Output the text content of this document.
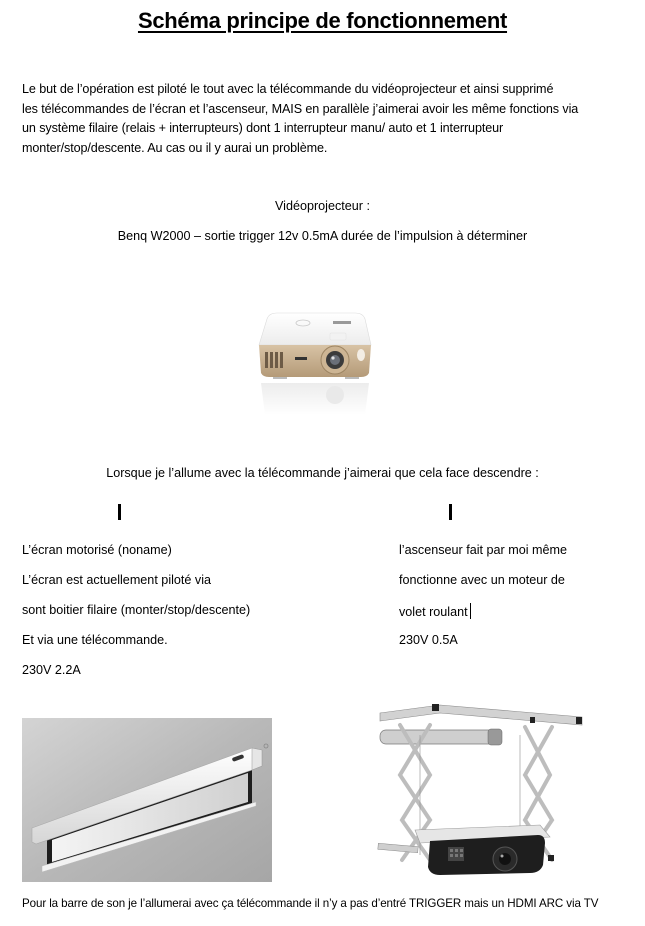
Schéma principe de fonctionnement
Le but de l’opération est piloté le tout avec la télécommande du vidéoprojecteur et ainsi supprimé
les télécommandes de l’écran et l’ascenseur, MAIS en parallèle j’aimerai avoir les même fonctions via
un système filaire (relais + interrupteurs) dont 1 interrupteur manu/ auto et 1 interrupteur
monter/stop/descente. Au cas ou il y aurai un problème.
Vidéoprojecteur :
Benq W2000 – sortie trigger 12v 0.5mA durée de l’impulsion à déterminer
Lorsque je l’allume avec la télécommande j’aimerai que cela face descendre :
L’écran motorisé (noname)
L’écran est actuellement piloté via
sont boitier filaire (monter/stop/descente)
Et via une télécommande.
230V 2.2A
l’ascenseur fait par moi même
fonctionne avec un moteur de
volet roulant
230V 0.5A
Pour la barre de son je l’allumerai avec ça télécommande il n’y a pas d’entré TRIGGER mais un HDMI ARC via TV
